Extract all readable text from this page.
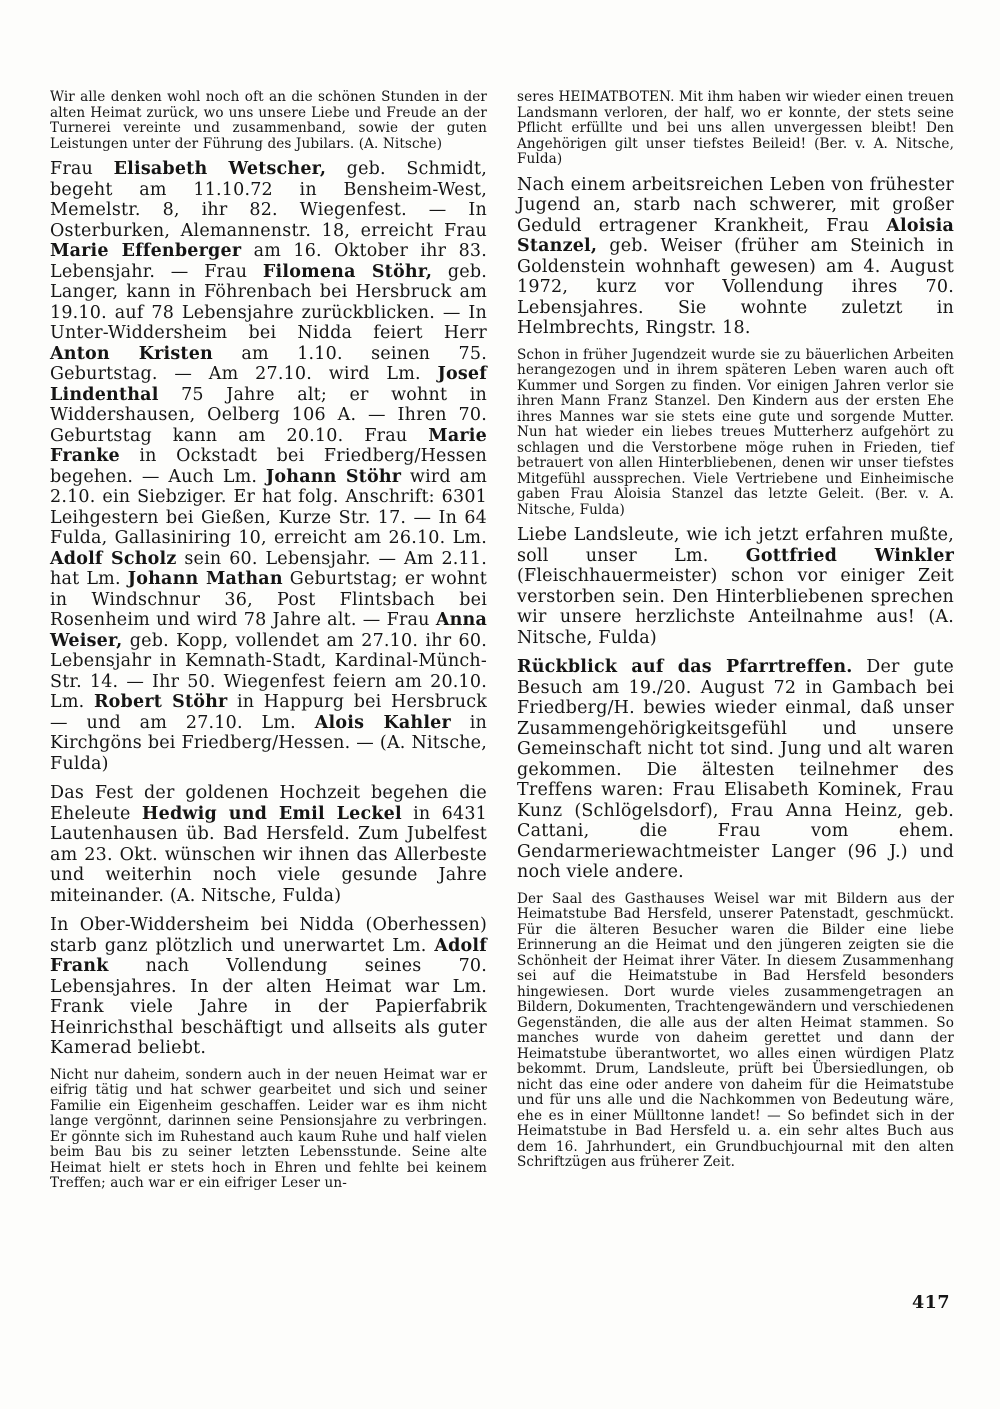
Wir alle denken wohl noch oft an die schönen Stunden in der alten Heimat zurück, wo uns unsere Liebe und Freude an der Turnerei vereinte und zusammenband, sowie der guten Leistungen unter der Führung des Jubilars. (A. Nitsche)

Frau Elisabeth Wetscher, geb. Schmidt, begeht am 11.10.72 in Bensheim-West, Memelstr. 8, ihr 82. Wiegenfest. — In Osterburken, Alemannenstr. 18, erreicht Frau Marie Effenberger am 16. Oktober ihr 83. Lebensjahr. — Frau Filomena Stöhr, geb. Langer, kann in Föhrenbach bei Hersbruck am 19.10. auf 78 Lebensjahre zurückblicken. — In Unter-Widdersheim bei Nidda feiert Herr Anton Kristen am 1.10. seinen 75. Geburtstag. — Am 27.10. wird Lm. Josef Lindenthal 75 Jahre alt; er wohnt in Widdershausen, Oelberg 106 A. — Ihren 70. Geburtstag kann am 20.10. Frau Marie Franke in Ockstadt bei Friedberg/Hessen begehen. — Auch Lm. Johann Stöhr wird am 2.10. ein Siebziger. Er hat folg. Anschrift: 6301 Leihgestern bei Gießen, Kurze Str. 17. — In 64 Fulda, Gallasiniring 10, erreicht am 26.10. Lm. Adolf Scholz sein 60. Lebensjahr. — Am 2.11. hat Lm. Johann Mathan Geburtstag; er wohnt in Windschnur 36, Post Flintsbach bei Rosenheim und wird 78 Jahre alt. — Frau Anna Weiser, geb. Kopp, vollendet am 27.10. ihr 60. Lebensjahr in Kemnath-Stadt, Kardinal-Münch-Str. 14. — Ihr 50. Wiegenfest feiern am 20.10. Lm. Robert Stöhr in Happurg bei Hersbruck — und am 27.10. Lm. Alois Kahler in Kirchgöns bei Friedberg/Hessen. — (A. Nitsche, Fulda)

Das Fest der goldenen Hochzeit begehen die Eheleute Hedwig und Emil Leckel in 6431 Lautenhausen üb. Bad Hersfeld. Zum Jubelfest am 23. Okt. wünschen wir ihnen das Allerbeste und weiterhin noch viele gesunde Jahre miteinander. (A. Nitsche, Fulda)

In Ober-Widdersheim bei Nidda (Oberhessen) starb ganz plötzlich und unerwartet Lm. Adolf Frank nach Vollendung seines 70. Lebensjahres. In der alten Heimat war Lm. Frank viele Jahre in der Papierfabrik Heinrichsthal beschäftigt und allseits als guter Kamerad beliebt.

Nicht nur daheim, sondern auch in der neuen Heimat war er eifrig tätig und hat schwer gearbeitet und sich und seiner Familie ein Eigenheim geschaffen. Leider war es ihm nicht lange vergönnt, darinnen seine Pensionsjahre zu verbringen. Er gönnte sich im Ruhestand auch kaum Ruhe und half vielen beim Bau bis zu seiner letzten Lebensstunde. Seine alte Heimat hielt er stets hoch in Ehren und fehlte bei keinem Treffen; auch war er ein eifriger Leser un-

seres HEIMATBOTEN. Mit ihm haben wir wieder einen treuen Landsmann verloren, der half, wo er konnte, der stets seine Pflicht erfüllte und bei uns allen unvergessen bleibt! Den Angehörigen gilt unser tiefstes Beileid! (Ber. v. A. Nitsche, Fulda)

Nach einem arbeitsreichen Leben von frühester Jugend an, starb nach schwerer, mit großer Geduld ertragener Krankheit, Frau Aloisia Stanzel, geb. Weiser (früher am Steinich in Goldenstein wohnhaft gewesen) am 4. August 1972, kurz vor Vollendung ihres 70. Lebensjahres. Sie wohnte zuletzt in Helmbrechts, Ringstr. 18.

Schon in früher Jugendzeit wurde sie zu bäuerlichen Arbeiten herangezogen und in ihrem späteren Leben waren auch oft Kummer und Sorgen zu finden. Vor einigen Jahren verlor sie ihren Mann Franz Stanzel. Den Kindern aus der ersten Ehe ihres Mannes war sie stets eine gute und sorgende Mutter. Nun hat wieder ein liebes treues Mutterherz aufgehört zu schlagen und die Verstorbene möge ruhen in Frieden, tief betrauert von allen Hinterbliebenen, denen wir unser tiefstes Mitgefühl aussprechen. Viele Vertriebene und Einheimische gaben Frau Aloisia Stanzel das letzte Geleit. (Ber. v. A. Nitsche, Fulda)

Liebe Landsleute, wie ich jetzt erfahren mußte, soll unser Lm. Gottfried Winkler (Fleischhauermeister) schon vor einiger Zeit verstorben sein. Den Hinterbliebenen sprechen wir unsere herzlichste Anteilnahme aus! (A. Nitsche, Fulda)

Rückblick auf das Pfarrtreffen. Der gute Besuch am 19./20. August 72 in Gambach bei Friedberg/H. bewies wieder einmal, daß unser Zusammengehörigkeitsgefühl und unsere Gemeinschaft nicht tot sind. Jung und alt waren gekommen. Die ältesten teilnehmer des Treffens waren: Frau Elisabeth Kominek, Frau Kunz (Schlögelsdorf), Frau Anna Heinz, geb. Cattani, die Frau vom ehem. Gendarmeriewachtmeister Langer (96 J.) und noch viele andere.

Der Saal des Gasthauses Weisel war mit Bildern aus der Heimatstube Bad Hersfeld, unserer Patenstadt, geschmückt. Für die älteren Besucher waren die Bilder eine liebe Erinnerung an die Heimat und den jüngeren zeigten sie die Schönheit der Heimat ihrer Väter. In diesem Zusammenhang sei auf die Heimatstube in Bad Hersfeld besonders hingewiesen. Dort wurde vieles zusammengetragen an Bildern, Dokumenten, Trachtengewändern und verschiedenen Gegenständen, die alle aus der alten Heimat stammen. So manches wurde von daheim gerettet und dann der Heimatstube überantwortet, wo alles einen würdigen Platz bekommt. Drum, Landsleute, prüft bei Übersiedlungen, ob nicht das eine oder andere von daheim für die Heimatstube und für uns alle und die Nachkommen von Bedeutung wäre, ehe es in einer Mülltonne landet! — So befindet sich in der Heimatstube in Bad Hersfeld u. a. ein sehr altes Buch aus dem 16. Jahrhundert, ein Grundbuchjournal mit den alten Schriftzügen aus früherer Zeit.

417
